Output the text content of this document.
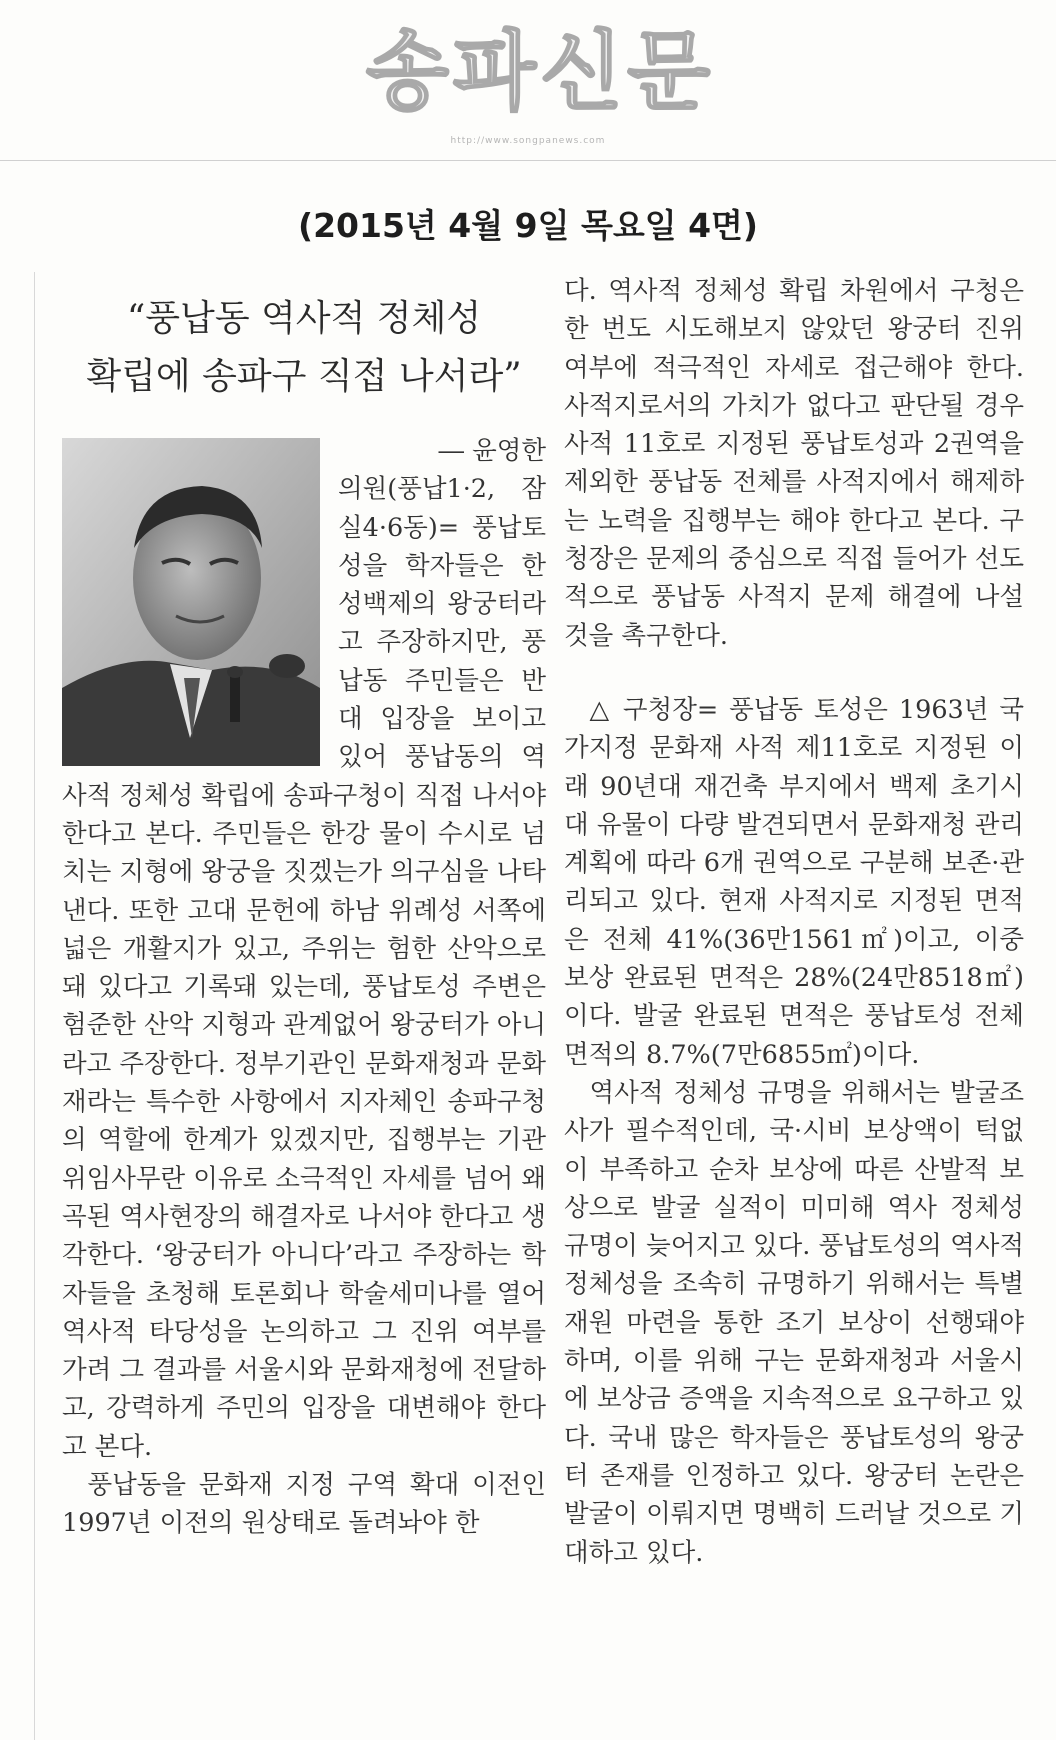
송파신문
http://www.songpanews.com
(2015년 4월 9일 목요일 4면)

“풍납동 역사적 정체성

확립에 송파구 직접 나서라”

― 윤영한

의원(풍납1·2, 잠실4·6동)= 풍납토성을 학자들은 한성백제의 왕궁터라고 주장하지만, 풍납동 주민들은 반대 입장을 보이고 있어 풍납동의 역사적 정체성 확립에 송파구청이 직접 나서야 한다고 본다. 주민들은 한강 물이 수시로 넘치는 지형에 왕궁을 짓겠는가 의구심을 나타낸다. 또한 고대 문헌에 하남 위례성 서쪽에 넓은 개활지가 있고, 주위는 험한 산악으로 돼 있다고 기록돼 있는데, 풍납토성 주변은 험준한 산악 지형과 관계없어 왕궁터가 아니라고 주장한다. 정부기관인 문화재청과 문화재라는 특수한 사항에서 지자체인 송파구청의 역할에 한계가 있겠지만, 집행부는 기관위임사무란 이유로 소극적인 자세를 넘어 왜곡된 역사현장의 해결자로 나서야 한다고 생각한다. ‘왕궁터가 아니다’라고 주장하는 학자들을 초청해 토론회나 학술세미나를 열어 역사적 타당성을 논의하고 그 진위 여부를 가려 그 결과를 서울시와 문화재청에 전달하고, 강력하게 주민의 입장을 대변해야 한다고 본다.

풍납동을 문화재 지정 구역 확대 이전인 1997년 이전의 원상태로 돌려놔야 한

다. 역사적 정체성 확립 차원에서 구청은 한 번도 시도해보지 않았던 왕궁터 진위 여부에 적극적인 자세로 접근해야 한다. 사적지로서의 가치가 없다고 판단될 경우 사적 11호로 지정된 풍납토성과 2권역을 제외한 풍납동 전체를 사적지에서 해제하는 노력을 집행부는 해야 한다고 본다. 구청장은 문제의 중심으로 직접 들어가 선도적으로 풍납동 사적지 문제 해결에 나설 것을 촉구한다.

△ 구청장= 풍납동 토성은 1963년 국가지정 문화재 사적 제11호로 지정된 이래 90년대 재건축 부지에서 백제 초기시대 유물이 다량 발견되면서 문화재청 관리계획에 따라 6개 권역으로 구분해 보존·관리되고 있다. 현재 사적지로 지정된 면적은 전체 41%(36만1561㎡)이고, 이중 보상 완료된 면적은 28%(24만8518㎡)이다. 발굴 완료된 면적은 풍납토성 전체 면적의 8.7%(7만6855㎡)이다.

역사적 정체성 규명을 위해서는 발굴조사가 필수적인데, 국·시비 보상액이 턱없이 부족하고 순차 보상에 따른 산발적 보상으로 발굴 실적이 미미해 역사 정체성 규명이 늦어지고 있다. 풍납토성의 역사적 정체성을 조속히 규명하기 위해서는 특별 재원 마련을 통한 조기 보상이 선행돼야 하며, 이를 위해 구는 문화재청과 서울시에 보상금 증액을 지속적으로 요구하고 있다. 국내 많은 학자들은 풍납토성의 왕궁터 존재를 인정하고 있다. 왕궁터 논란은 발굴이 이뤄지면 명백히 드러날 것으로 기대하고 있다.
